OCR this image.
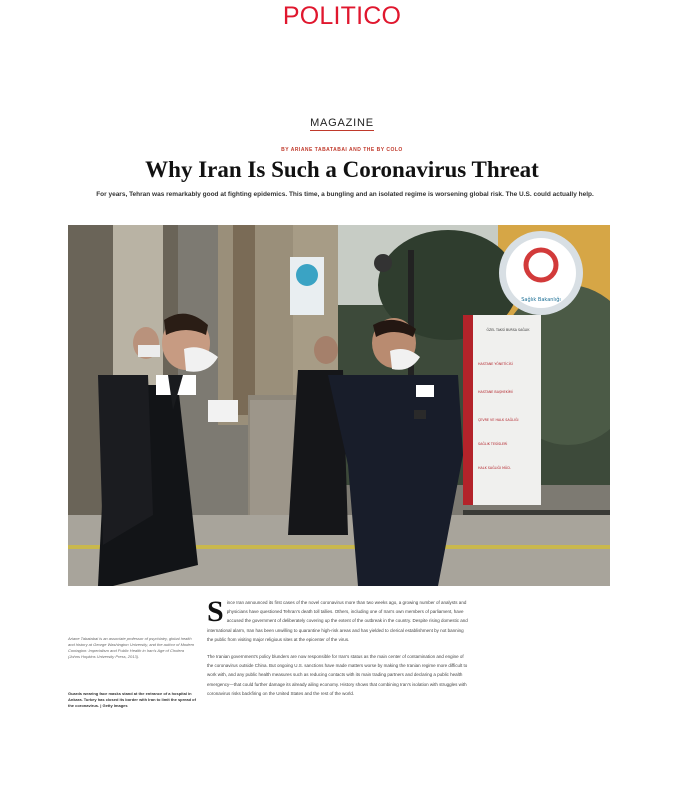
POLITICO
MAGAZINE
BY ARIANE TABATABAI AND THE BY COLO
Why Iran Is Such a Coronavirus Threat
For years, Tehran was remarkably good at fighting epidemics. This time, a bungling and an isolated regime is worsening global risk. The U.S. could actually help.
Sağlık Bakanlığı
ÖZEL TAKSİ BURSA SAĞLIK
HASTANE YÖNETİCİSİ
HASTANE BAŞHEKİMİ
ÇEVRE VE HALK SAĞLIĞI
SAĞLIK TESİSLERİ
HALK SAĞLIĞI MÜD.
Ariane Tabatabai is an associate professor of psychiatry, global health and history at George Washington University, and the author of Modern Contagion: Imperialism and Public Health in Iran's Age of Cholera (Johns Hopkins University Press, 2013).
Guards wearing face masks stand at the entrance of a hospital in Ankara. Turkey has closed its border with Iran to limit the spread of the coronavirus. | Getty Images

Since Iran announced its first cases of the novel coronavirus more than two weeks ago, a growing number of analysts and physicians have questioned Tehran's death toll tallies. Others, including one of Iran's own members of parliament, have accused the government of deliberately covering up the extent of the outbreak in the country. Despite rising domestic and international alarm, Iran has been unwilling to quarantine high-risk areas and has yielded to clerical establishment by not banning the public from visiting major religious sites at the epicenter of the virus.

The Iranian government's policy blunders are now responsible for Iran's status as the main center of contamination and engine of the coronavirus outside China. But ongoing U.S. sanctions have made matters worse by making the Iranian regime more difficult to work with, and any public health measures such as reducing contacts with its main trading partners and declaring a public health emergency—that could further damage its already ailing economy. History shows that combining Iran's isolation with struggles with coronavirus risks backfiring on the United States and the rest of the world.
